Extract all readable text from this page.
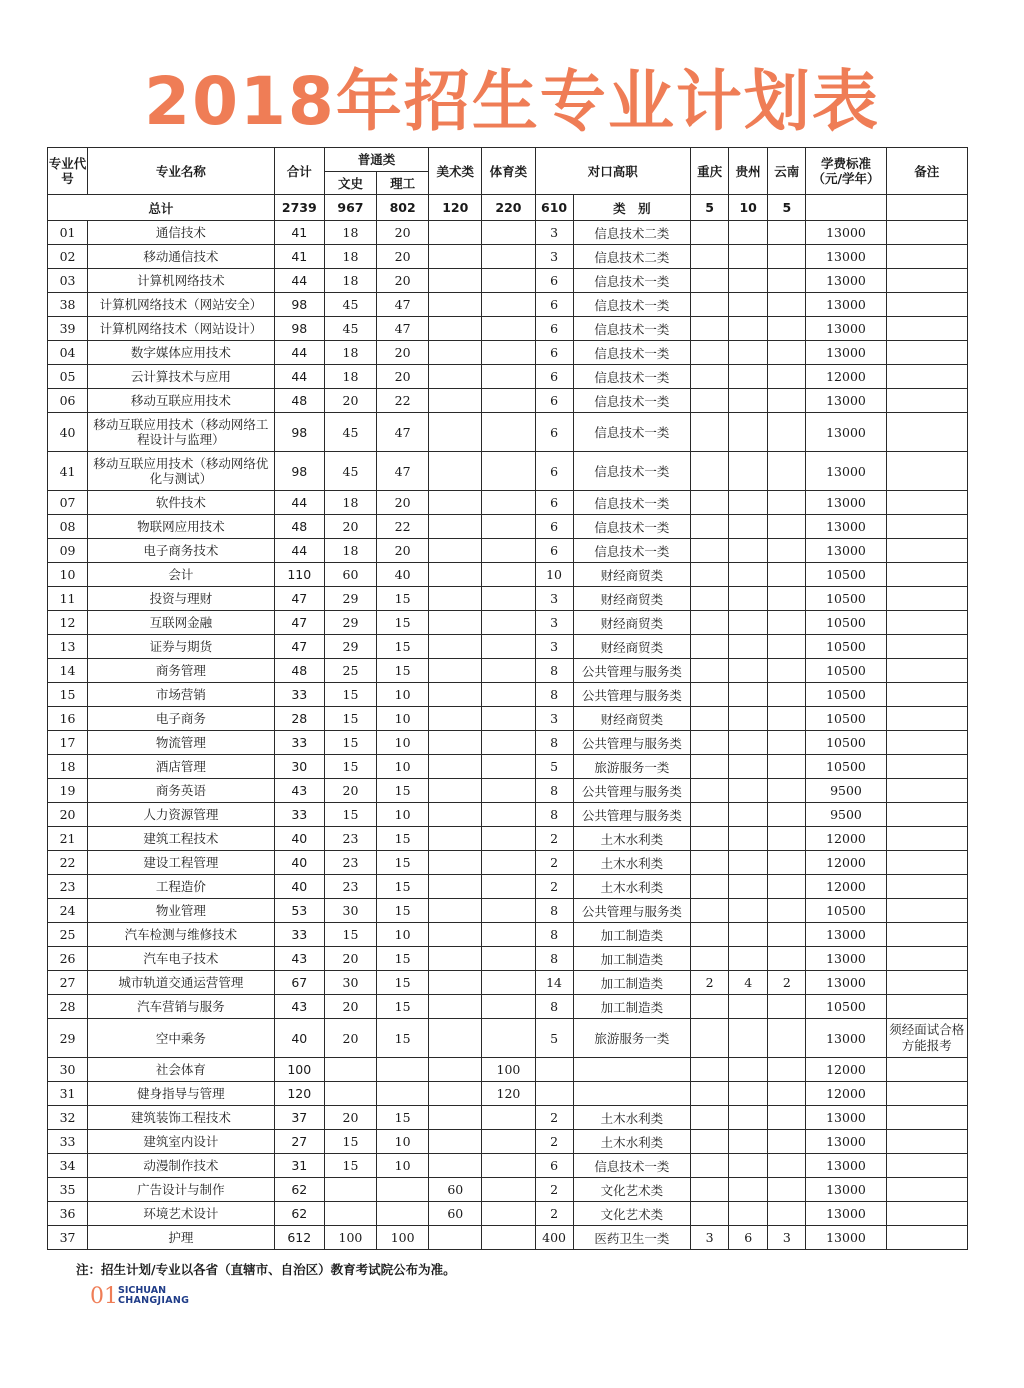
2018年招生专业计划表
专业代号	专业名称	合计	普通类		美术类	体育类	对口高职		重庆	贵州	云南	学费标准（元/学年）	备注
			文史	理工									
总计		2739	967	802	120	220	610	类　别	5	10	5		
01	通信技术	41	18	20			3	信息技术二类				13000	
02	移动通信技术	41	18	20			3	信息技术二类				13000	
03	计算机网络技术	44	18	20			6	信息技术一类				13000	
38	计算机网络技术（网站安全）	98	45	47			6	信息技术一类				13000	
39	计算机网络技术（网站设计）	98	45	47			6	信息技术一类				13000	
04	数字媒体应用技术	44	18	20			6	信息技术一类				13000	
05	云计算技术与应用	44	18	20			6	信息技术一类				12000	
06	移动互联应用技术	48	20	22			6	信息技术一类				13000	
40	移动互联应用技术（移动网络工程设计与监理）	98	45	47			6	信息技术一类				13000	
41	移动互联应用技术（移动网络优化与测试）	98	45	47			6	信息技术一类				13000	
07	软件技术	44	18	20			6	信息技术一类				13000	
08	物联网应用技术	48	20	22			6	信息技术一类				13000	
09	电子商务技术	44	18	20			6	信息技术一类				13000	
10	会计	110	60	40			10	财经商贸类				10500	
11	投资与理财	47	29	15			3	财经商贸类				10500	
12	互联网金融	47	29	15			3	财经商贸类				10500	
13	证券与期货	47	29	15			3	财经商贸类				10500	
14	商务管理	48	25	15			8	公共管理与服务类				10500	
15	市场营销	33	15	10			8	公共管理与服务类				10500	
16	电子商务	28	15	10			3	财经商贸类				10500	
17	物流管理	33	15	10			8	公共管理与服务类				10500	
18	酒店管理	30	15	10			5	旅游服务一类				10500	
19	商务英语	43	20	15			8	公共管理与服务类				9500	
20	人力资源管理	33	15	10			8	公共管理与服务类				9500	
21	建筑工程技术	40	23	15			2	土木水利类				12000	
22	建设工程管理	40	23	15			2	土木水利类				12000	
23	工程造价	40	23	15			2	土木水利类				12000	
24	物业管理	53	30	15			8	公共管理与服务类				10500	
25	汽车检测与维修技术	33	15	10			8	加工制造类				13000	
26	汽车电子技术	43	20	15			8	加工制造类				13000	
27	城市轨道交通运营管理	67	30	15			14	加工制造类	2	4	2	13000	
28	汽车营销与服务	43	20	15			8	加工制造类				10500	
29	空中乘务	40	20	15			5	旅游服务一类				13000	须经面试合格方能报考
30	社会体育	100				100						12000	
31	健身指导与管理	120				120						12000	
32	建筑装饰工程技术	37	20	15			2	土木水利类				13000	
33	建筑室内设计	27	15	10			2	土木水利类				13000	
34	动漫制作技术	31	15	10			6	信息技术一类				13000	
35	广告设计与制作	62			60		2	文化艺术类				13000	
36	环境艺术设计	62			60		2	文化艺术类				13000	
37	护理	612	100	100			400	医药卫生一类	3	6	3	13000	
注：招生计划/专业以各省（直辖市、自治区）教育考试院公布为准。
01 SICHUAN
CHANGJIANG
